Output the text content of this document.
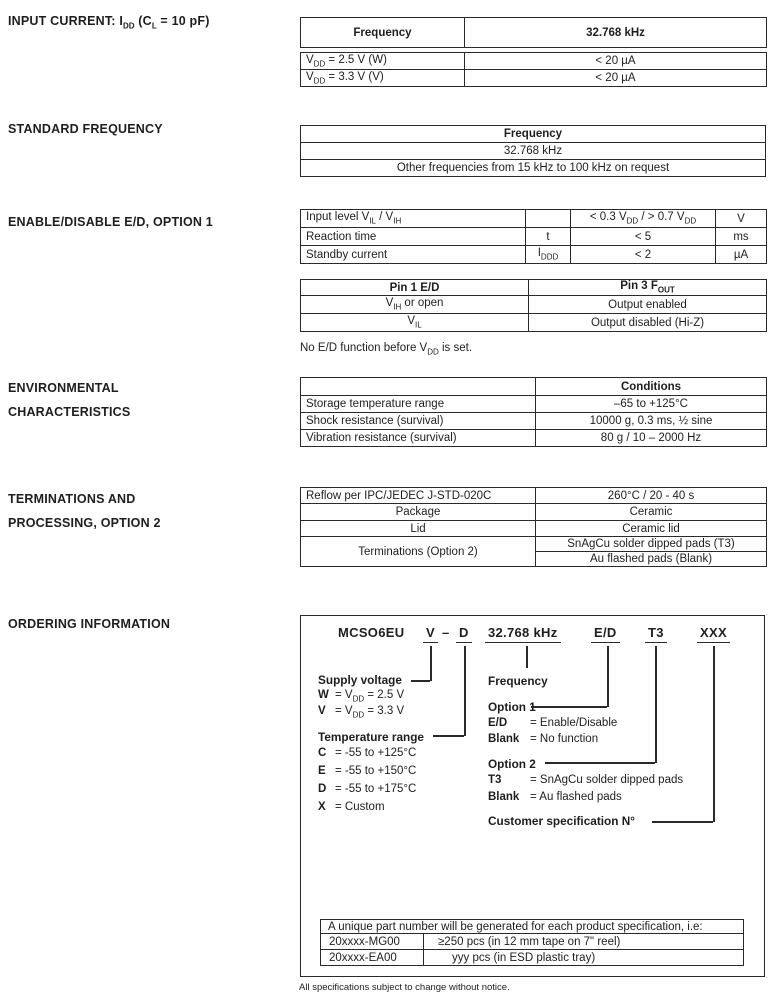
INPUT CURRENT: $I_{DD}$ ($C_L = 10$ pF)
STANDARD FREQUENCY
ENABLE/DISABLE E/D, OPTION 1
ENVIRONMENTAL
CHARACTERISTICS
TERMINATIONS AND
PROCESSING, OPTION 2
ORDERING INFORMATION
Frequency	32.768 kHz
$V_{DD} = 2.5$ V (W)	< 20 µA
$V_{DD} = 3.3$ V (V)	< 20 µA
Frequency
32.768 kHz
Other frequencies from 15 kHz to 100 kHz on request
Input level $V_{IL} / V_{IH}$		< 0.3 $V_{DD}$ / > 0.7 $V_{DD}$	V
Reaction time	t	< 5	ms
Standby current	$I_{DDD}$	< 2	µA
Pin 1 E/D	Pin 3 $F_{OUT}$
$V_{IH}$ or open	Output enabled
$V_{IL}$	Output disabled (Hi-Z)
No E/D function before $V_{DD}$ is set.
	Conditions
Storage temperature range	–65 to +125°C
Shock resistance (survival)	10000 g, 0.3 ms, ½ sine
Vibration resistance (survival)	80 g / 10 – 2000 Hz
Reflow per IPC/JEDEC J-STD-020C	260°C / 20 - 40 s
Package	Ceramic
Lid	Ceramic lid
Terminations (Option 2)	SnAgCu solder dipped pads (T3)
	Au flashed pads (Blank)
MCSO6EU V – D 32.768 kHz	E/D T3	XXX
Supply voltage
$W = V_{DD} = 2.5$ V
$V = V_{DD} = 3.3$ V
Temperature range
C = -55 to +125°C
E = -55 to +150°C
D = -55 to +175°C
X = Custom
Frequency
Option 1
E/D = Enable/Disable
Blank = No function
Option 2
T3 = SnAgCu solder dipped pads
Blank = Au flashed pads
Customer specification N°
A unique part number will be generated for each product specification, i.e:	
20xxxx-MG00	≥250 pcs (in 12 mm tape on 7" reel)
20xxxx-EA00	yyy pcs (in ESD plastic tray)
All specifications subject to change without notice.
